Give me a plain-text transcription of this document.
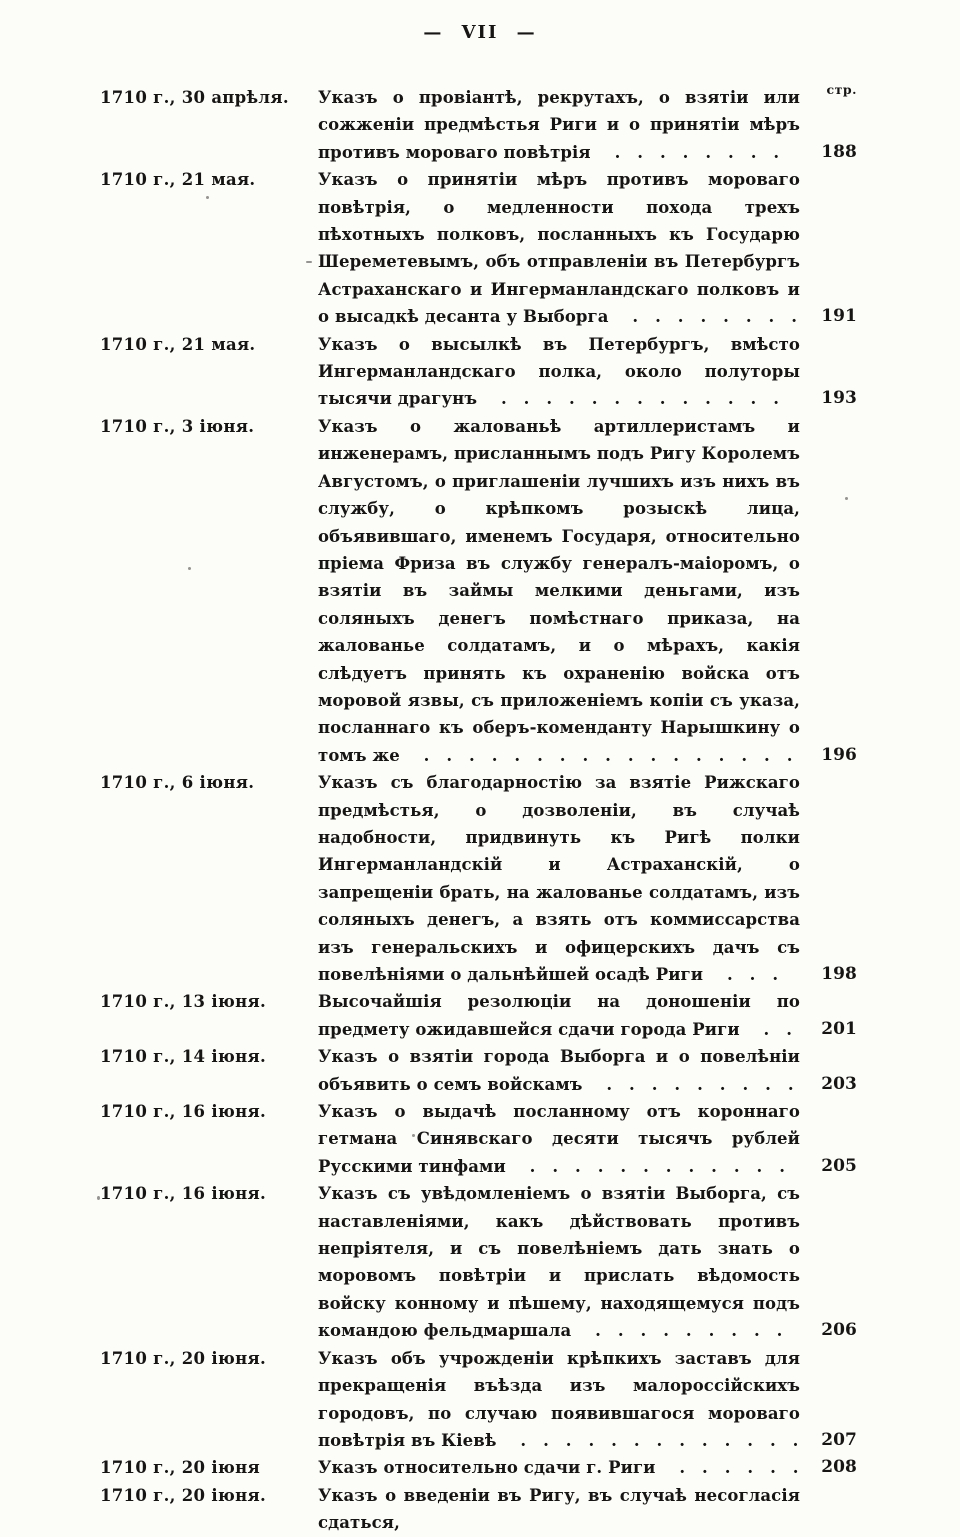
— VII —
стр.
1710 г., 30 апрѣля.	Указъ о провіантѣ, рекрутахъ, о взятіи или сожженіи предмѣстья Риги и о принятіи мѣръ противъ мороваго повѣтрія . . . . . . . .	188

1710 г., 21 мая.	Указъ о принятіи мѣръ противъ мороваго повѣтрія, о медленности похода трехъ пѣхотныхъ полковъ, посланныхъ къ Государю Шереметевымъ, объ отправленіи въ Петербургъ Астраханскаго и Ингерманландскаго полковъ и о высадкѣ десанта у Выборга . . . . . . . .	191

1710 г., 21 мая.	Указъ о высылкѣ въ Петербургъ, вмѣсто Ингерманландскаго полка, около полуторы тысячи драгунъ . . . . . . . . . . . . .	193

1710 г., 3 іюня.	Указъ о жалованьѣ артиллеристамъ и инженерамъ, присланнымъ подъ Ригу Королемъ Августомъ, о приглашеніи лучшихъ изъ нихъ въ службу, о крѣпкомъ розыскѣ лица, объявившаго, именемъ Государя, относительно пріема Фриза въ службу генералъ-маіоромъ, о взятіи въ займы мелкими деньгами, изъ соляныхъ денегъ помѣстнаго приказа, на жалованье солдатамъ, и о мѣрахъ, какія слѣдуетъ принять къ охраненію войска отъ моровой язвы, съ приложеніемъ копіи съ указа, посланнаго къ оберъ-коменданту Нарышкину о томъ же . . . . . . . . . . . . . . . . .	196

1710 г., 6 іюня.	Указъ съ благодарностію за взятіе Рижскаго предмѣстья, о дозволеніи, въ случаѣ надобности, придвинуть къ Ригѣ полки Ингерманландскій и Астраханскій, о запрещеніи брать, на жалованье солдатамъ, изъ соляныхъ денегъ, а взять отъ коммиссарства изъ генеральскихъ и офицерскихъ дачъ съ повелѣніями о дальнѣйшей осадѣ Риги . . .	198

1710 г., 13 іюня.	Высочайшія резолюціи на доношеніи по предмету ожидавшейся сдачи города Риги . .	201

1710 г., 14 іюня.	Указъ о взятіи города Выборга и о повелѣніи объявить о семъ войскамъ . . . . . . . . .	203

1710 г., 16 іюня.	Указъ о выдачѣ посланному отъ короннаго гетмана Синявскаго десяти тысячъ рублей Русскими тинфами . . . . . . . . . . . .	205

1710 г., 16 іюня.	Указъ съ увѣдомленіемъ о взятіи Выборга, съ наставленіями, какъ дѣйствовать противъ непріятеля, и съ повелѣніемъ дать знать о моровомъ повѣтріи и прислать вѣдомость войску конному и пѣшему, находящемуся подъ командою фельдмаршала . . . . . . . . .	206

1710 г., 20 іюня.	Указъ объ учрожденіи крѣпкихъ заставъ для прекращенія въѣзда изъ малороссійскихъ городовъ, по случаю появившагося мороваго повѣтрія въ Кіевѣ . . . . . . . . . . . . .	207

1710 г., 20 іюня	Указъ относительно сдачи г. Риги . . . . . .	208

1710 г., 20 іюня.	Указъ о введеніи въ Ригу, въ случаѣ несогласія сдаться,
